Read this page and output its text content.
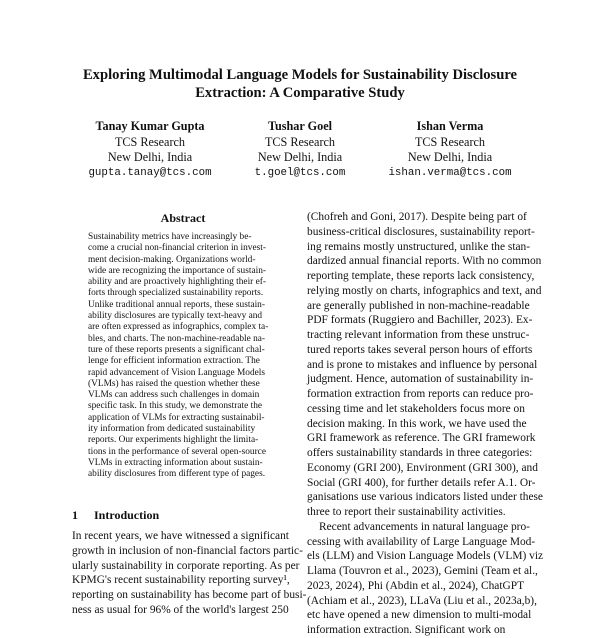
Exploring Multimodal Language Models for Sustainability Disclosure
Extraction: A Comparative Study
Tanay Kumar Gupta
TCS Research
New Delhi, India
gupta.tanay@tcs.com
Tushar Goel
TCS Research
New Delhi, India
t.goel@tcs.com
Ishan Verma
TCS Research
New Delhi, India
ishan.verma@tcs.com
Abstract
Sustainability metrics have increasingly be-
come a crucial non-financial criterion in invest-
ment decision-making. Organizations world-
wide are recognizing the importance of sustain-
ability and are proactively highlighting their ef-
forts through specialized sustainability reports.
Unlike traditional annual reports, these sustain-
ability disclosures are typically text-heavy and
are often expressed as infographics, complex ta-
bles, and charts. The non-machine-readable na-
ture of these reports presents a significant chal-
lenge for efficient information extraction. The
rapid advancement of Vision Language Models
(VLMs) has raised the question whether these
VLMs can address such challenges in domain
specific task. In this study, we demonstrate the
application of VLMs for extracting sustainabil-
ity information from dedicated sustainability
reports. Our experiments highlight the limita-
tions in the performance of several open-source
VLMs in extracting information about sustain-
ability disclosures from different type of pages.
1 Introduction
In recent years, we have witnessed a significant
growth in inclusion of non-financial factors partic-
ularly sustainability in corporate reporting. As per
KPMG's recent sustainability reporting survey¹,
reporting on sustainability has become part of busi-
ness as usual for 96% of the world's largest 250
(Chofreh and Goni, 2017). Despite being part of
business-critical disclosures, sustainability report-
ing remains mostly unstructured, unlike the stan-
dardized annual financial reports. With no common
reporting template, these reports lack consistency,
relying mostly on charts, infographics and text, and
are generally published in non-machine-readable
PDF formats (Ruggiero and Bachiller, 2023). Ex-
tracting relevant information from these unstruc-
tured reports takes several person hours of efforts
and is prone to mistakes and influence by personal
judgment. Hence, automation of sustainability in-
formation extraction from reports can reduce pro-
cessing time and let stakeholders focus more on
decision making. In this work, we have used the
GRI framework as reference. The GRI framework
offers sustainability standards in three categories:
Economy (GRI 200), Environment (GRI 300), and
Social (GRI 400), for further details refer A.1. Or-
ganisations use various indicators listed under these
three to report their sustainability activities.
Recent advancements in natural language pro-
cessing with availability of Large Language Mod-
els (LLM) and Vision Language Models (VLM) viz
Llama (Touvron et al., 2023), Gemini (Team et al.,
2023, 2024), Phi (Abdin et al., 2024), ChatGPT
(Achiam et al., 2023), LLaVa (Liu et al., 2023a,b),
etc have opened a new dimension to multi-modal
information extraction. Significant work on
